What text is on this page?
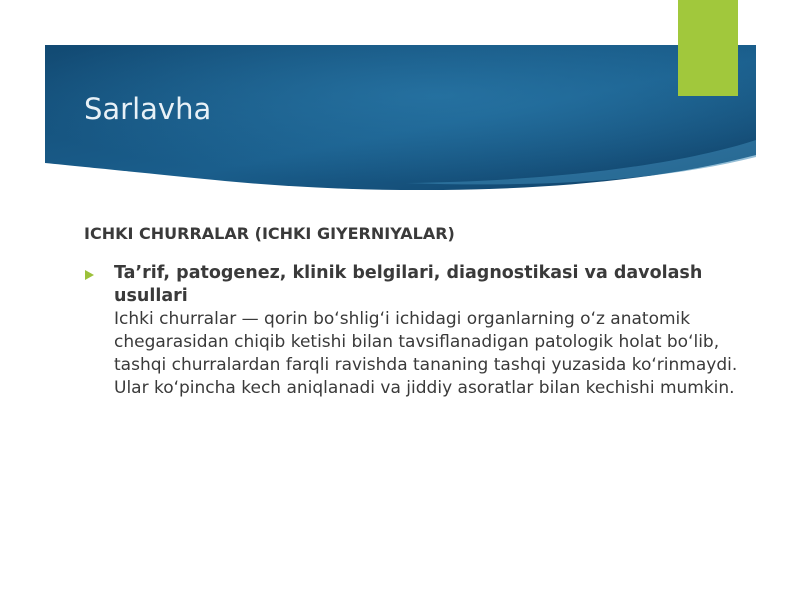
Sarlavha
ICHKI CHURRALAR (ICHKI GIYERNIYALAR)
Ta’rif, patogenez, klinik belgilari, diagnostikasi va davolash usullari
Ichki churralar — qorin bo‘shlig‘i ichidagi organlarning o‘z anatomik chegarasidan chiqib ketishi bilan tavsiflanadigan patologik holat bo‘lib, tashqi churralardan farqli ravishda tananing tashqi yuzasida ko‘rinmaydi. Ular ko‘pincha kech aniqlanadi va jiddiy asoratlar bilan kechishi mumkin.
